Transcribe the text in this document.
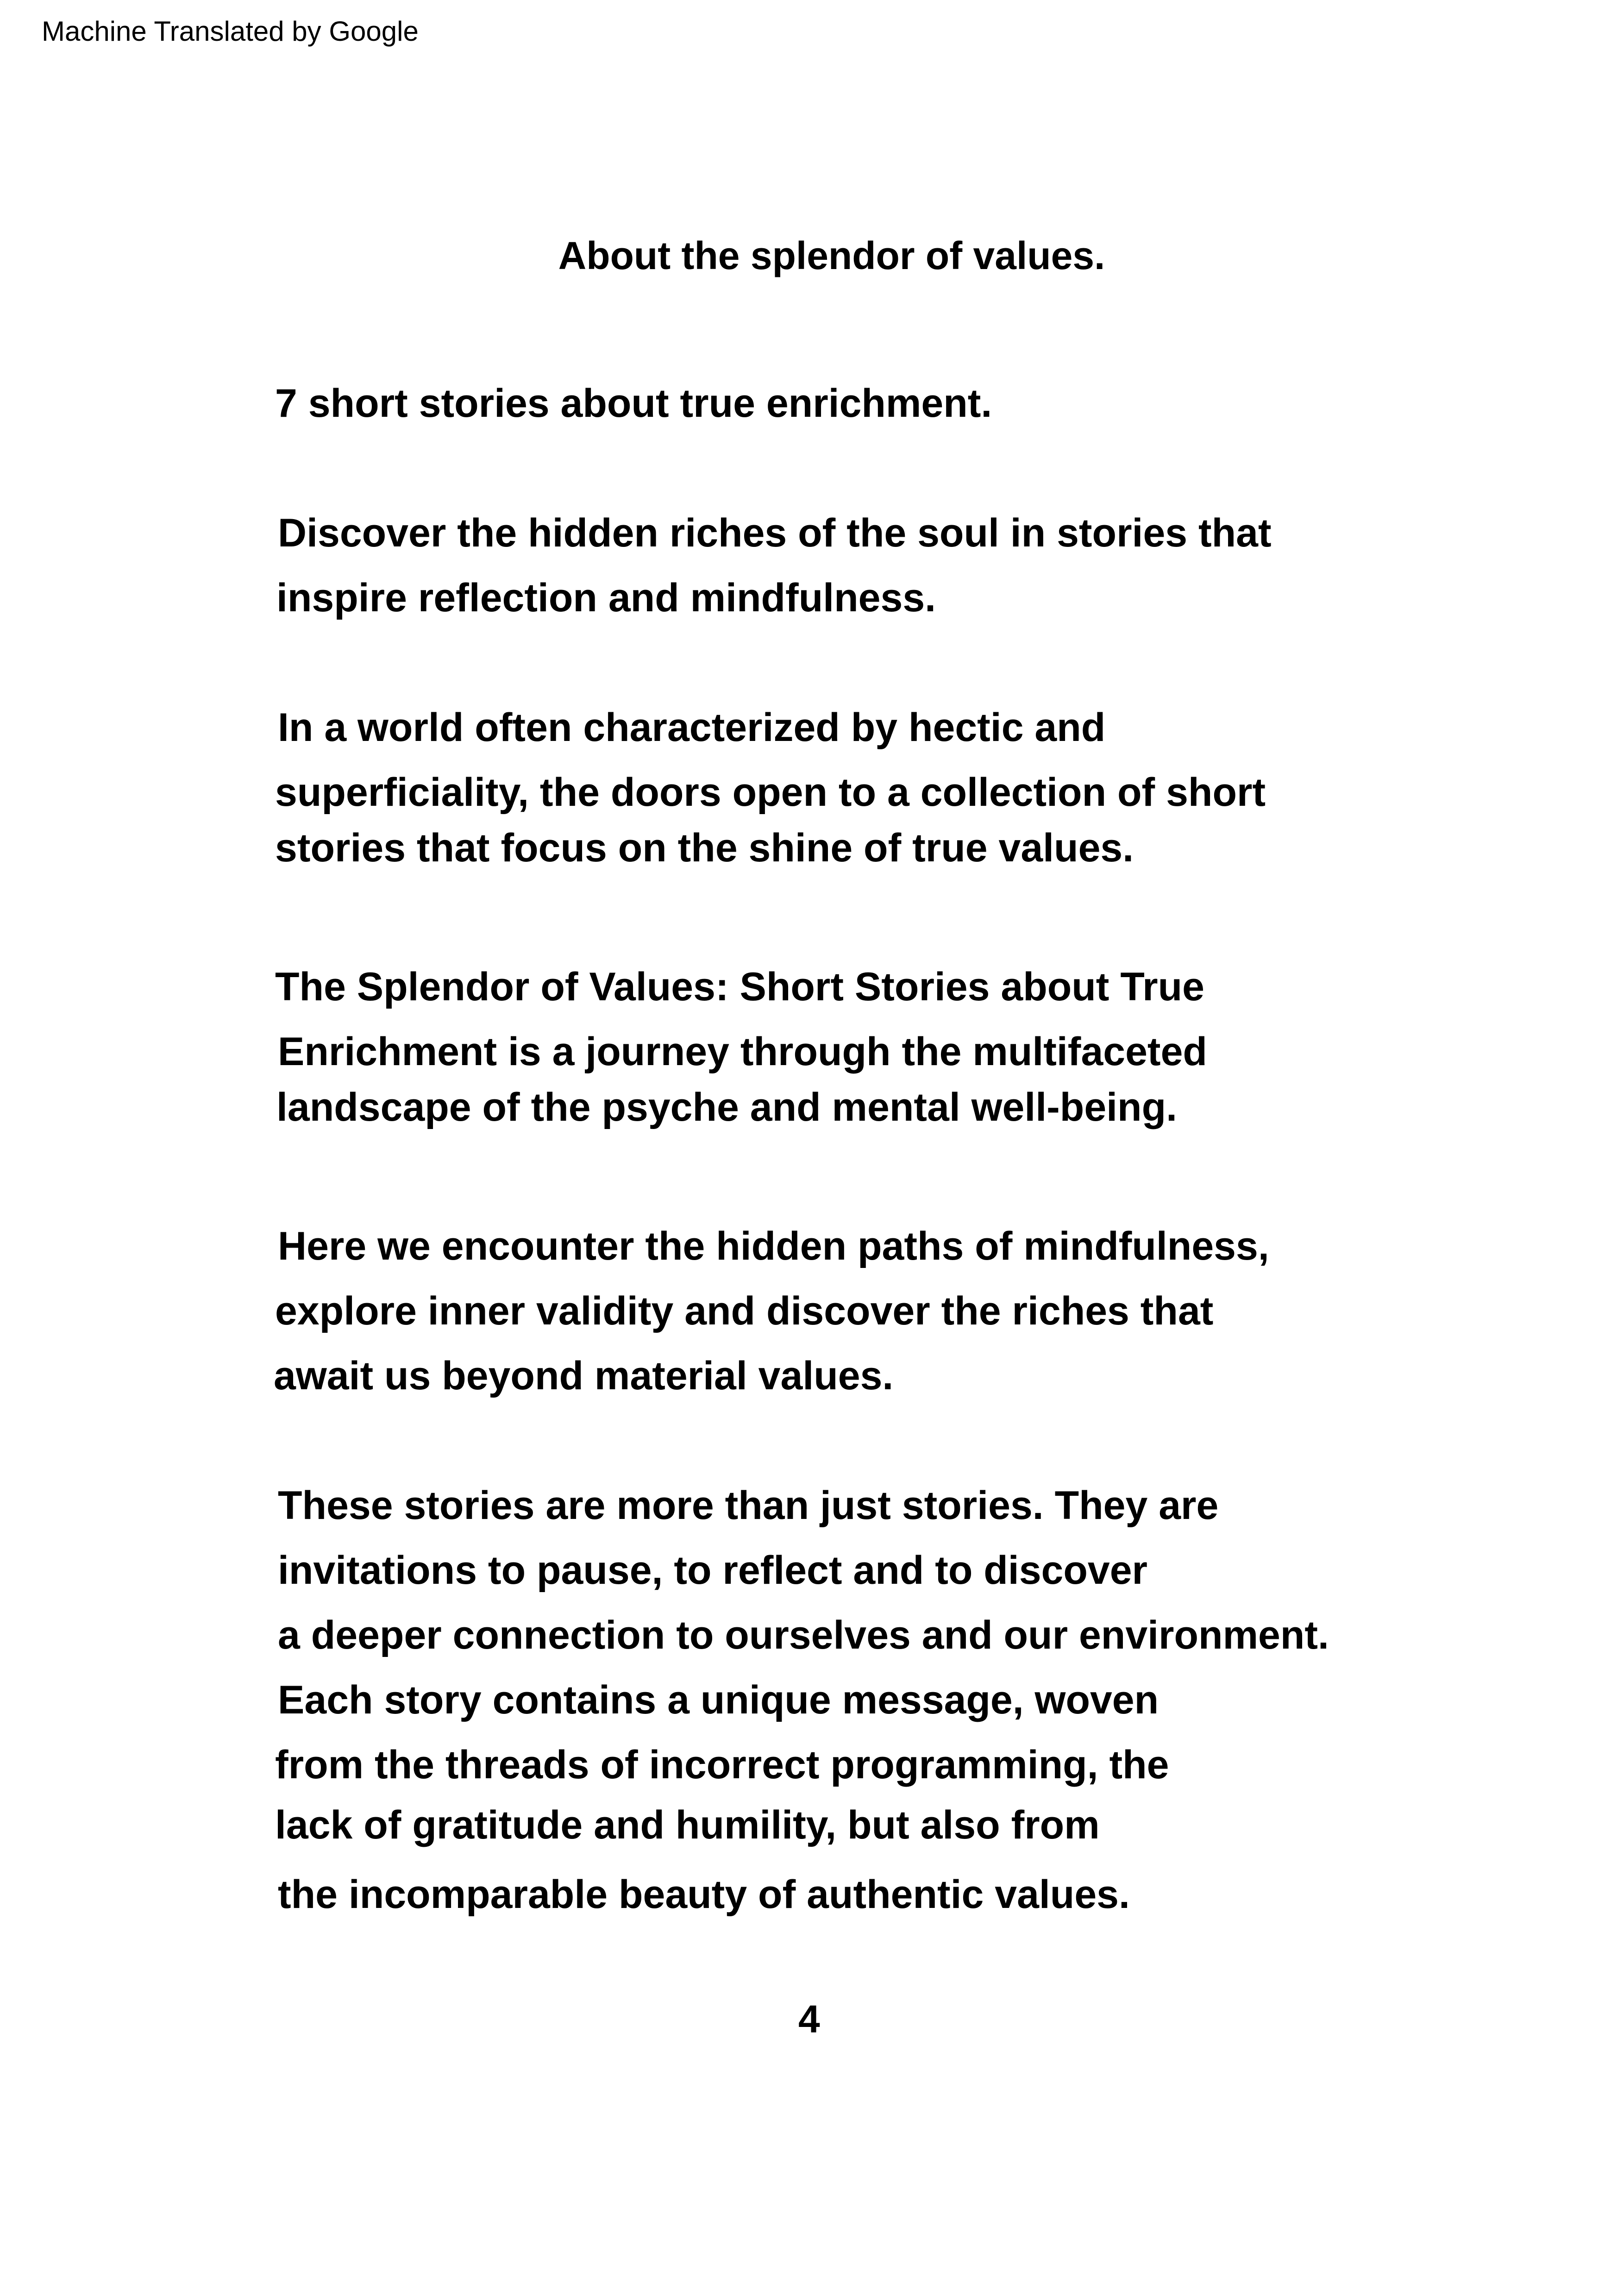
Machine Translated by Google
About the splendor of values.
7 short stories about true enrichment.
Discover the hidden riches of the soul in stories that
inspire reflection and mindfulness.
In a world often characterized by hectic and
superficiality, the doors open to a collection of short
stories that focus on the shine of true values.
The Splendor of Values: Short Stories about True
Enrichment is a journey through the multifaceted
landscape of the psyche and mental well-being.
Here we encounter the hidden paths of mindfulness,
explore inner validity and discover the riches that
await us beyond material values.
These stories are more than just stories. They are
invitations to pause, to reflect and to discover
a deeper connection to ourselves and our environment.
Each story contains a unique message, woven
from the threads of incorrect programming, the
lack of gratitude and humility, but also from
the incomparable beauty of authentic values.
4
